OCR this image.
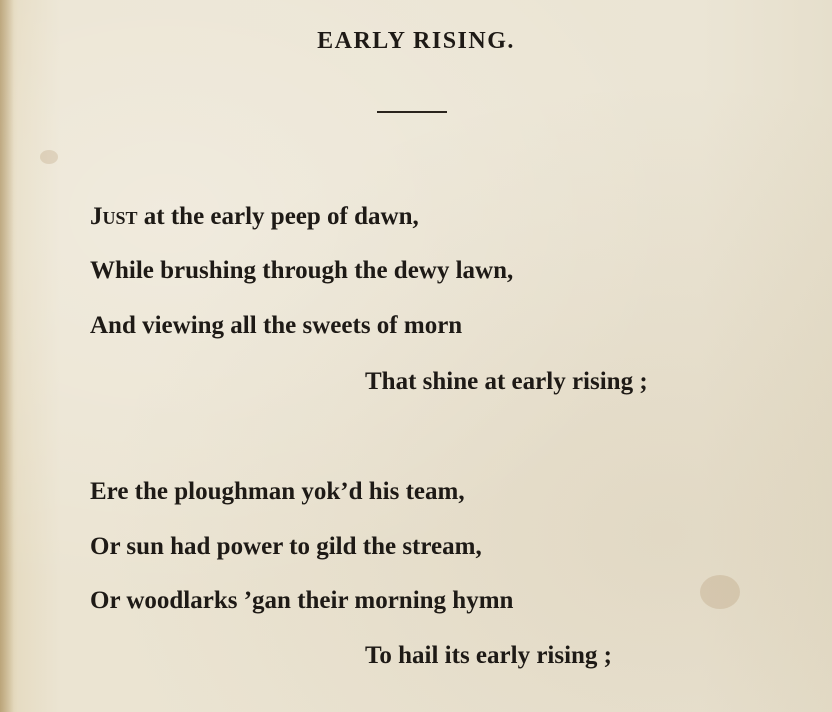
EARLY RISING.
Just at the early peep of dawn,
While brushing through the dewy lawn,
And viewing all the sweets of morn
That shine at early rising ;
Ere the ploughman yok’d his team,
Or sun had power to gild the stream,
Or woodlarks ’gan their morning hymn
To hail its early rising ;
